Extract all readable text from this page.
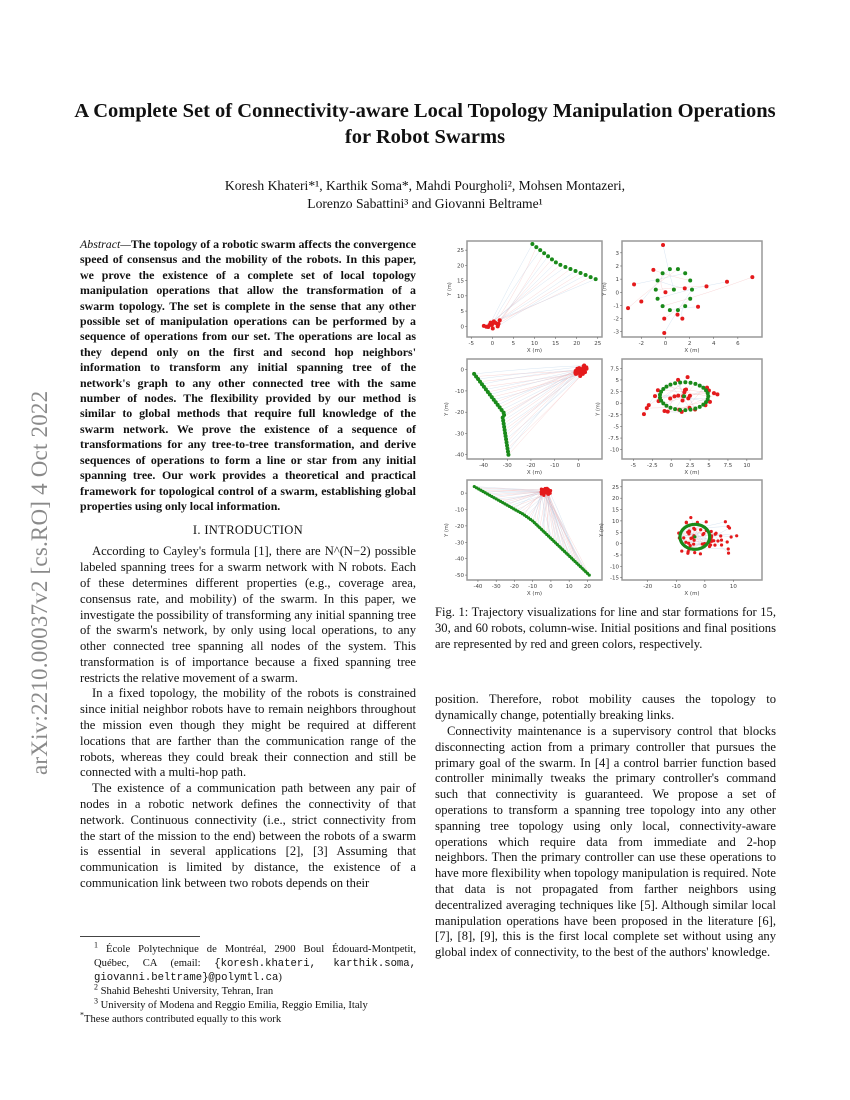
A Complete Set of Connectivity-aware Local Topology Manipulation Operations for Robot Swarms
Koresh Khateri*¹, Karthik Soma*, Mahdi Pourgholi², Mohsen Montazeri,
Lorenzo Sabattini³ and Giovanni Beltrame¹
arXiv:2210.00037v2 [cs.RO] 4 Oct 2022
Abstract—The topology of a robotic swarm affects the convergence speed of consensus and the mobility of the robots. In this paper, we prove the existence of a complete set of local topology manipulation operations that allow the transformation of a swarm topology. The set is complete in the sense that any other possible set of manipulation operations can be performed by a sequence of operations from our set. The operations are local as they depend only on the first and second hop neighbors' information to transform any initial spanning tree of the network's graph to any other connected tree with the same number of nodes. The flexibility provided by our method is similar to global methods that require full knowledge of the swarm network. We prove the existence of a sequence of transformations for any tree-to-tree transformation, and derive sequences of operations to form a line or star from any initial spanning tree. Our work provides a theoretical and practical framework for topological control of a swarm, establishing global properties using only local information.
I. INTRODUCTION

According to Cayley's formula [1], there are N^(N−2) possible labeled spanning trees for a swarm network with N robots. Each of these determines different properties (e.g., coverage area, consensus rate, and mobility) of the swarm. In this paper, we investigate the possibility of transforming any initial spanning tree of the swarm's network, by only using local operations, to any other connected tree spanning all nodes of the system. This transformation is of importance because a fixed spanning tree restricts the relative movement of a swarm.

In a fixed topology, the mobility of the robots is constrained since initial neighbor robots have to remain neighbors throughout the mission even though they might be required at different locations that are farther than the communication range of the robots, whereas they could break their connection and still be connected with a multi-hop path.

The existence of a communication path between any pair of nodes in a robotic network defines the connectivity of that network. Continuous connectivity (i.e., strict connectivity from the start of the mission to the end) between the robots of a swarm is essential in several applications [2], [3] Assuming that communication is limited by distance, the existence of a communication link between two robots depends on their

$^1$ École Polytechnique de Montréal, 2900 Boul Édouard-Montpetit, Québec, CA (email: {koresh.khateri, karthik.soma, giovanni.beltrame}@polymtl.ca)
$^2$ Shahid Beheshti University, Tehran, Iran
$^3$ University of Modena and Reggio Emilia, Reggio Emilia, Italy
*These authors contributed equally to this work
-5	0	5	10	15	20	25
0
5
10
15
20
25
X (m)
Y (m)
-2	0	2	4	6
-3
-2
-1
0
1
2
3
X (m)
Y (m)
-40	-30	-20	-10	0
-40
-30
-20
-10
0
X (m)
Y (m)
-5 -2.5 0 2.5 5 7.5 10
-10
-7.5
-5
-2.5
0
2.5
5
7.5
X (m)
Y (m)
-40 -30 -20 -10 0 10 20
-50
-40
-30
-20
-10
0
X (m)
Y (m)
-20	-10	0	10
-15
-10
-5
0
5
10
15
20
25
X (m)
Y (m)
Fig. 1: Trajectory visualizations for line and star formations for 15, 30, and 60 robots, column-wise. Initial positions and final positions are represented by red and green colors, respectively.

position. Therefore, robot mobility causes the topology to dynamically change, potentially breaking links.

Connectivity maintenance is a supervisory control that blocks disconnecting action from a primary controller that pursues the primary goal of the swarm. In [4] a control barrier function based controller minimally tweaks the primary controller's command such that connectivity is guaranteed. We propose a set of operations to transform a spanning tree topology into any other spanning tree topology using only local, connectivity-aware operations which require data from immediate and 2-hop neighbors. Then the primary controller can use these operations to have more flexibility when topology manipulation is required. Note that data is not propagated from farther neighbors using decentralized averaging techniques like [5]. Although similar local manipulation operations have been proposed in the literature [6], [7], [8], [9], this is the first local complete set without using any global index of connectivity, to the best of the authors' knowledge.
